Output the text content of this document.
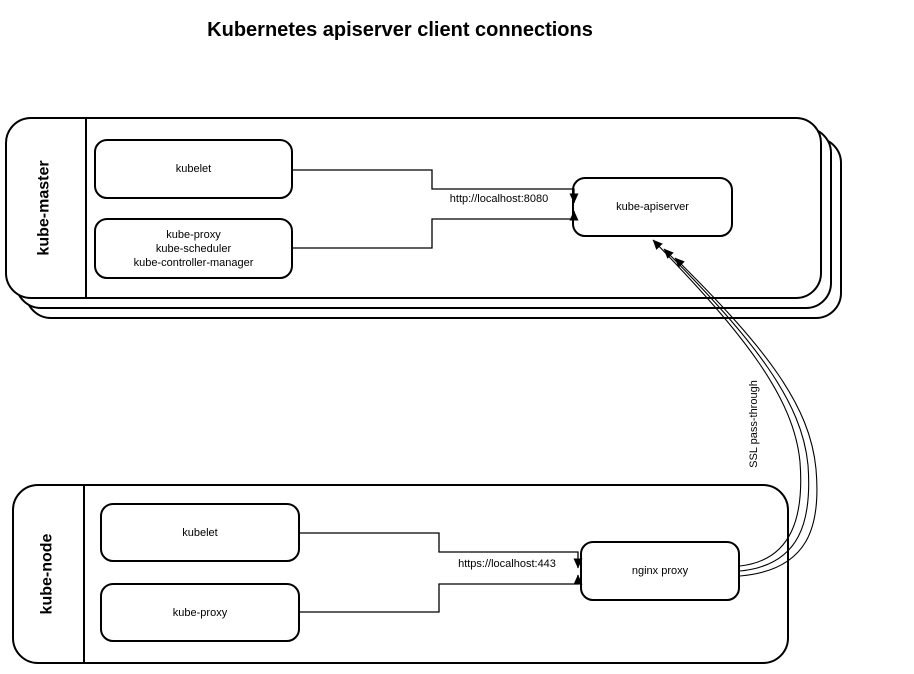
Kubernetes apiserver client connections
kube-master	kubelet
kube-proxy
kube-scheduler
kube-controller-manager
kube-apiserver
http://localhost:8080
kube-node
kubelet
kube-proxy
nginx proxy
https://localhost:443
SSL pass-through
